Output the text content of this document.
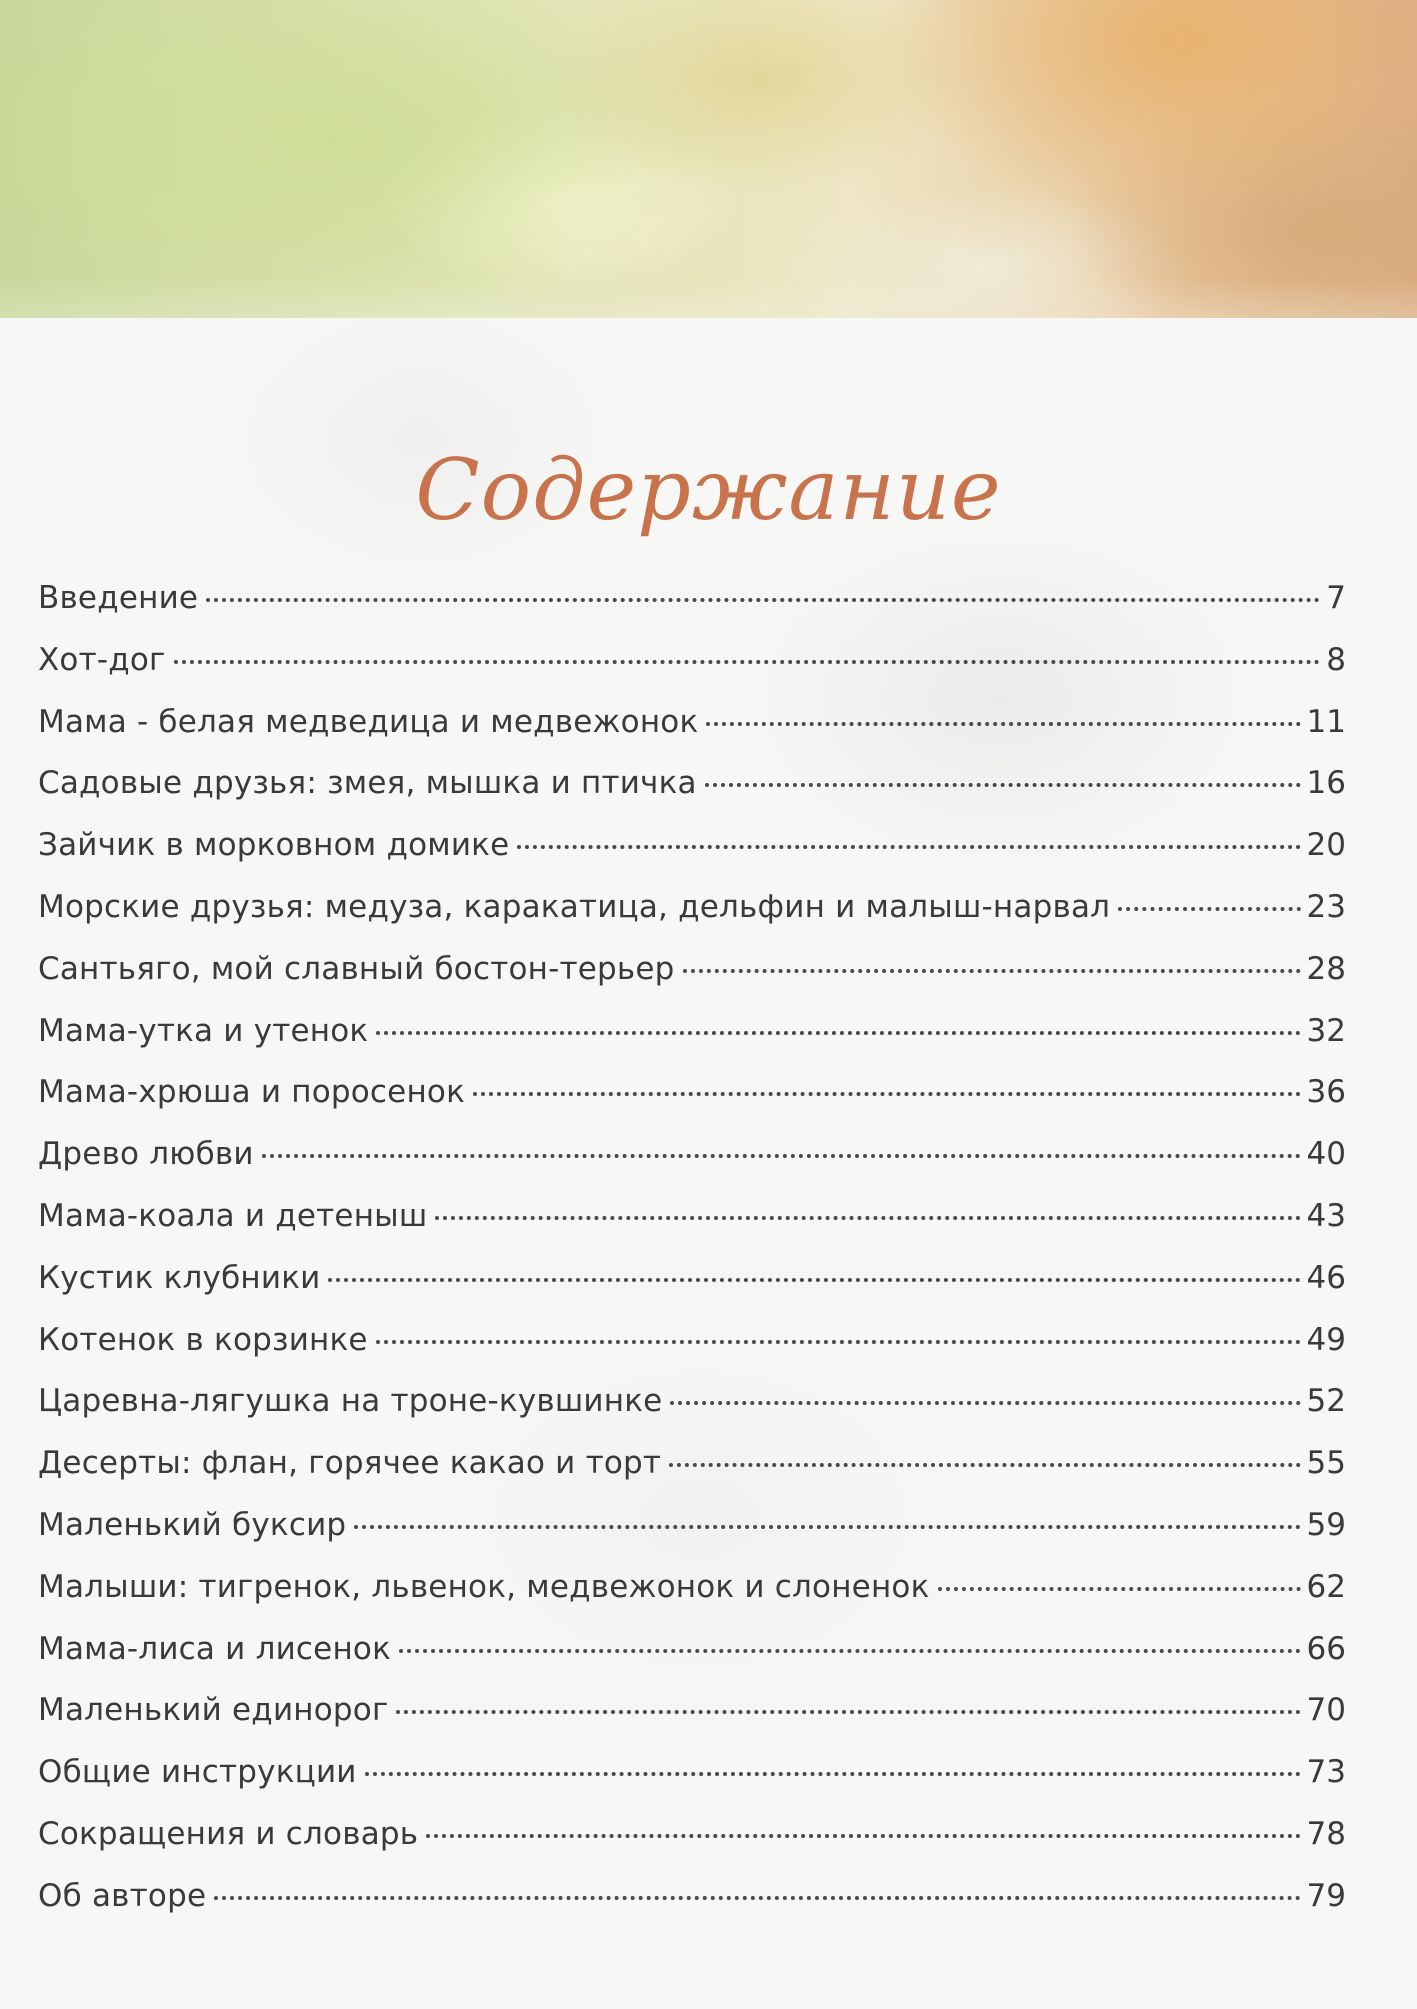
Содержание
Введение	7
Хот-дог	8
Мама - белая медведица и медвежонок	11
Садовые друзья: змея, мышка и птичка	16
Зайчик в морковном домике	20
Морские друзья: медуза, каракатица, дельфин и малыш-нарвал	23
Сантьяго, мой славный бостон-терьер	28
Мама-утка и утенок	32
Мама-хрюша и поросенок	36
Древо любви	40
Мама-коала и детеныш	43
Кустик клубники	46
Котенок в корзинке	49
Царевна-лягушка на троне-кувшинке	52
Десерты: флан, горячее какао и торт	55
Маленький буксир	59
Малыши: тигренок, львенок, медвежонок и слоненок	62
Мама-лиса и лисенок	66
Маленький единорог	70
Общие инструкции	73
Сокращения и словарь	78
Об авторе	79
